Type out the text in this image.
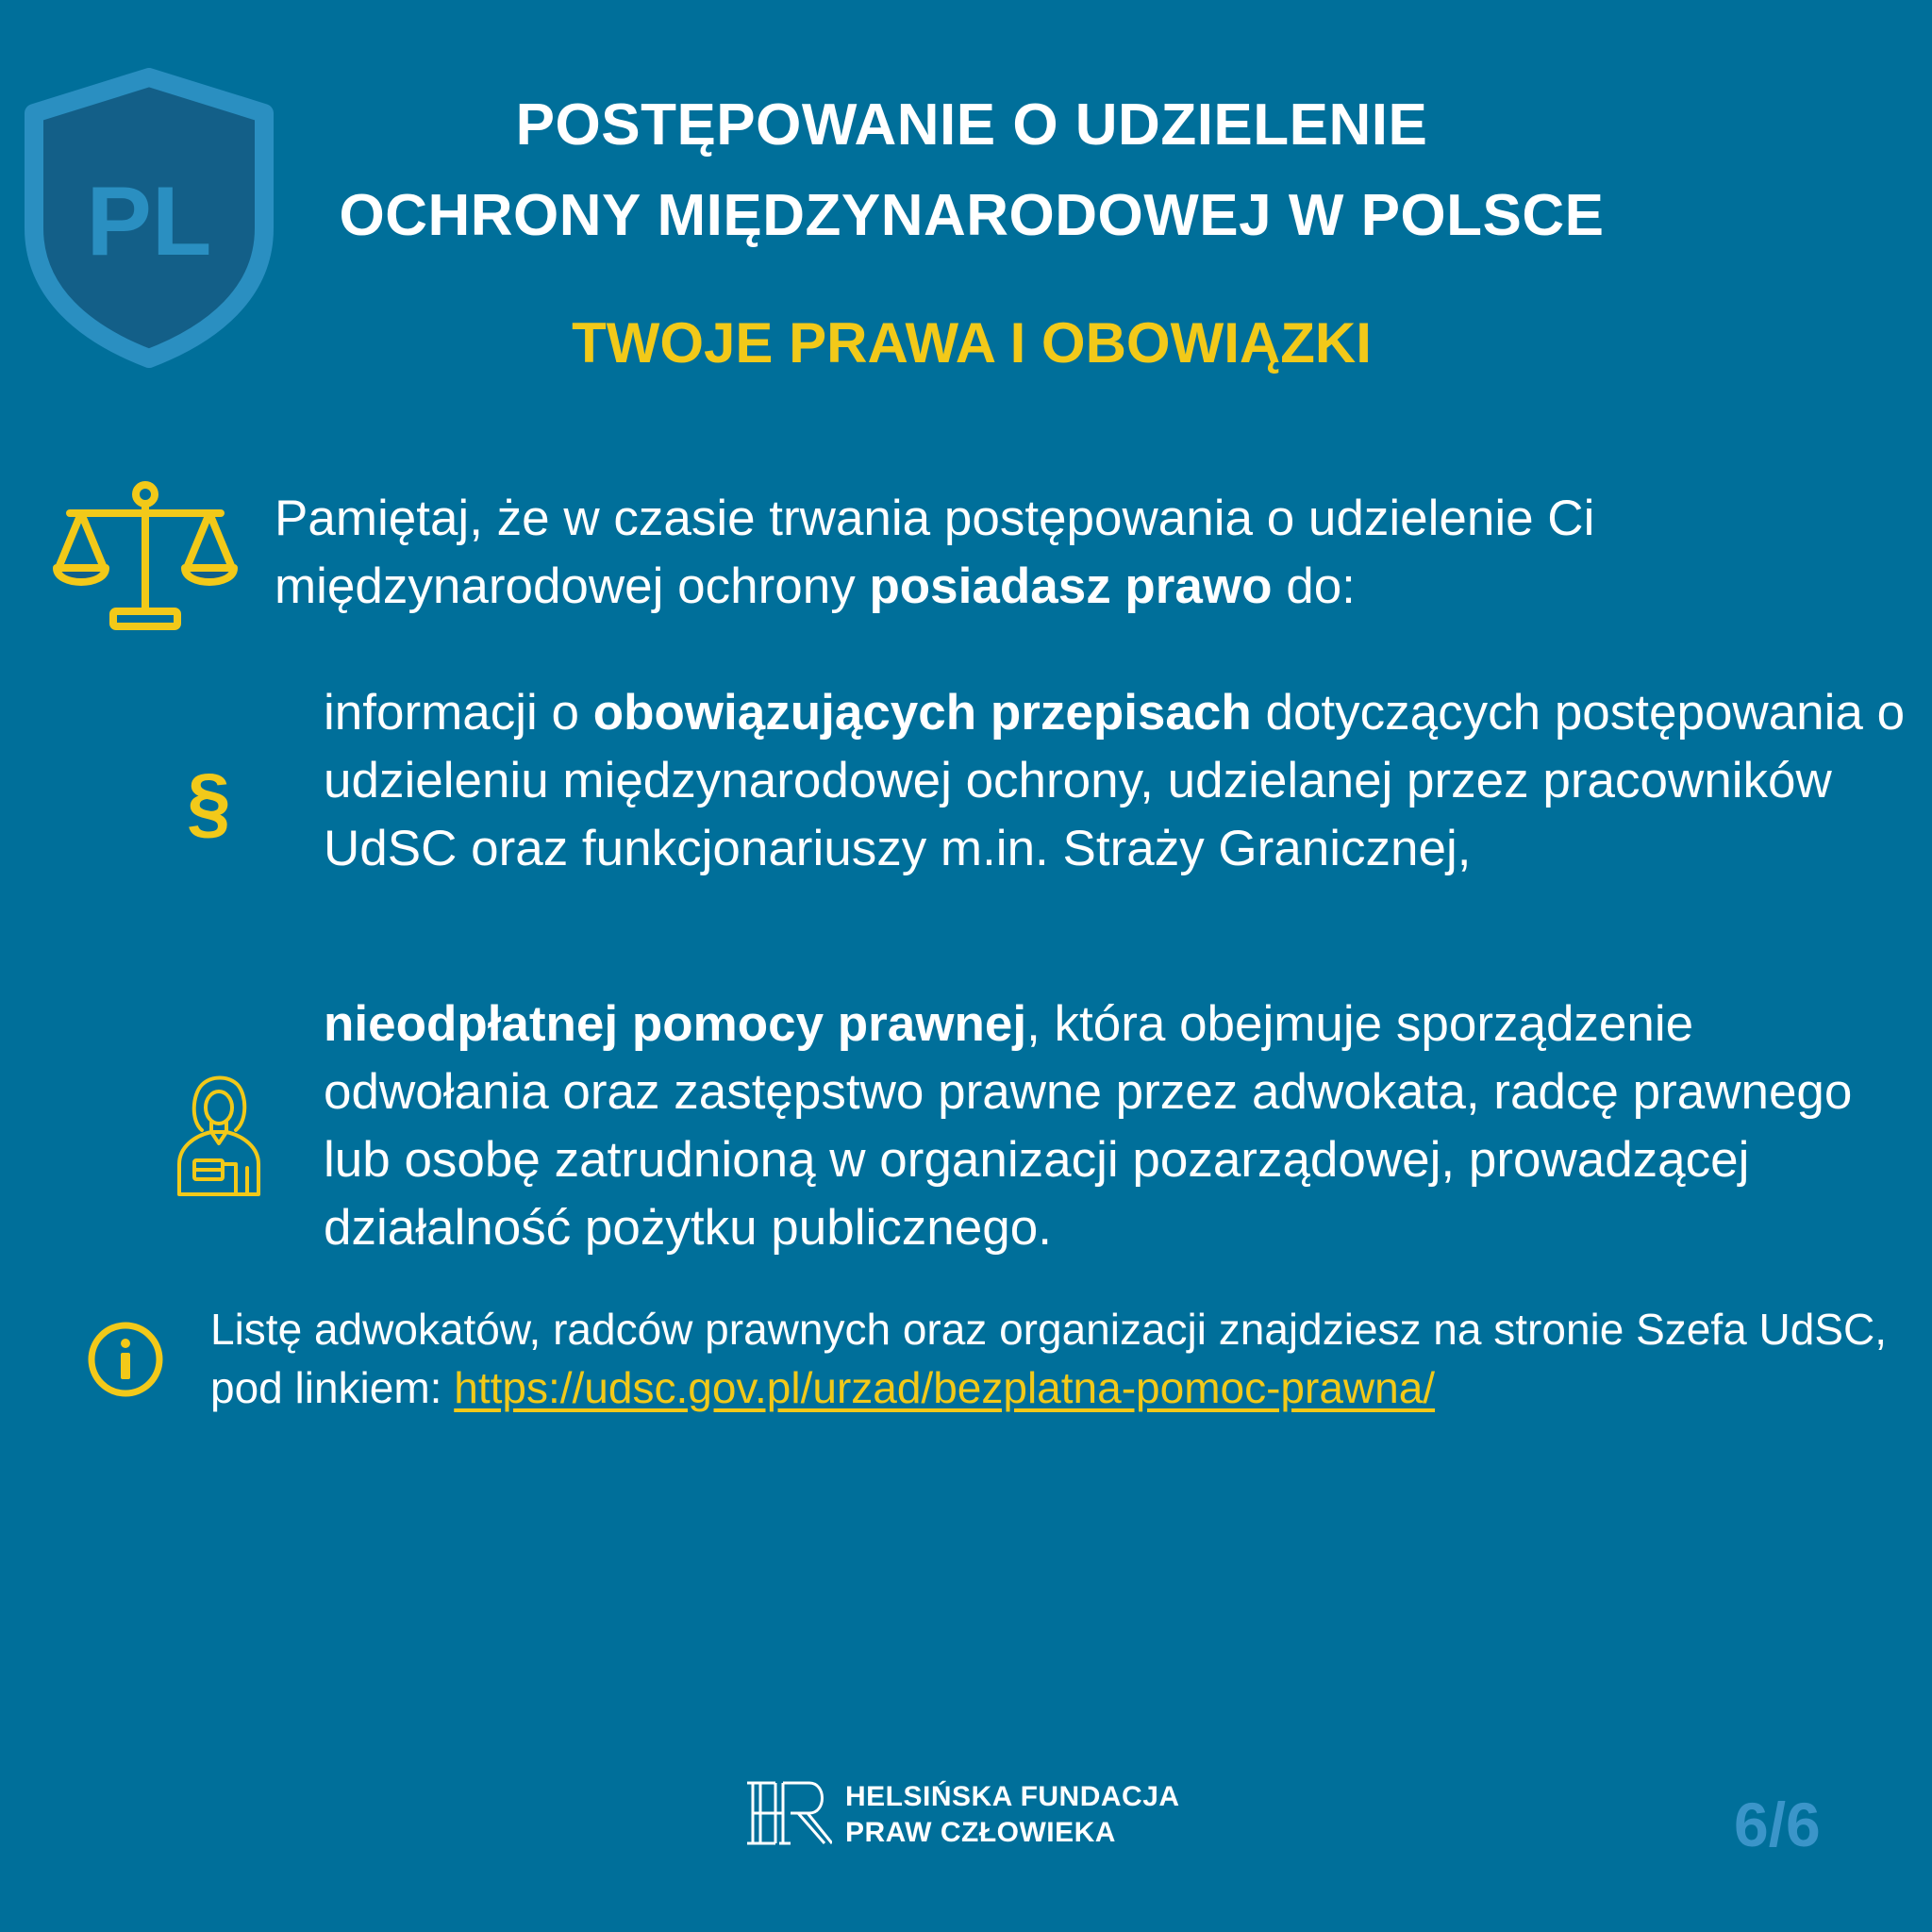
PL
POSTĘPOWANIE O UDZIELENIE
OCHRONY MIĘDZYNARODOWEJ W POLSCE
TWOJE PRAWA I OBOWIĄZKI

Pamiętaj, że w czasie trwania postępowania o udzielenie Ci międzynarodowej ochrony posiadasz prawo do:

§

informacji o obowiązujących przepisach dotyczących postępowania o udzieleniu międzynarodowej ochrony, udzielanej przez pracowników UdSC oraz funkcjonariuszy m.in. Straży Granicznej,

nieodpłatnej pomocy prawnej, która obejmuje sporządzenie odwołania oraz zastępstwo prawne przez adwokata, radcę prawnego lub osobę zatrudnioną w organizacji pozarządowej, prowadzącej działalność pożytku publicznego.

Listę adwokatów, radców prawnych oraz organizacji znajdziesz na stronie Szefa UdSC, pod linkiem: https://udsc.gov.pl/urzad/bezplatna-pomoc-prawna/

HELSIŃSKA FUNDACJA
PRAW CZŁOWIEKA	6/6
